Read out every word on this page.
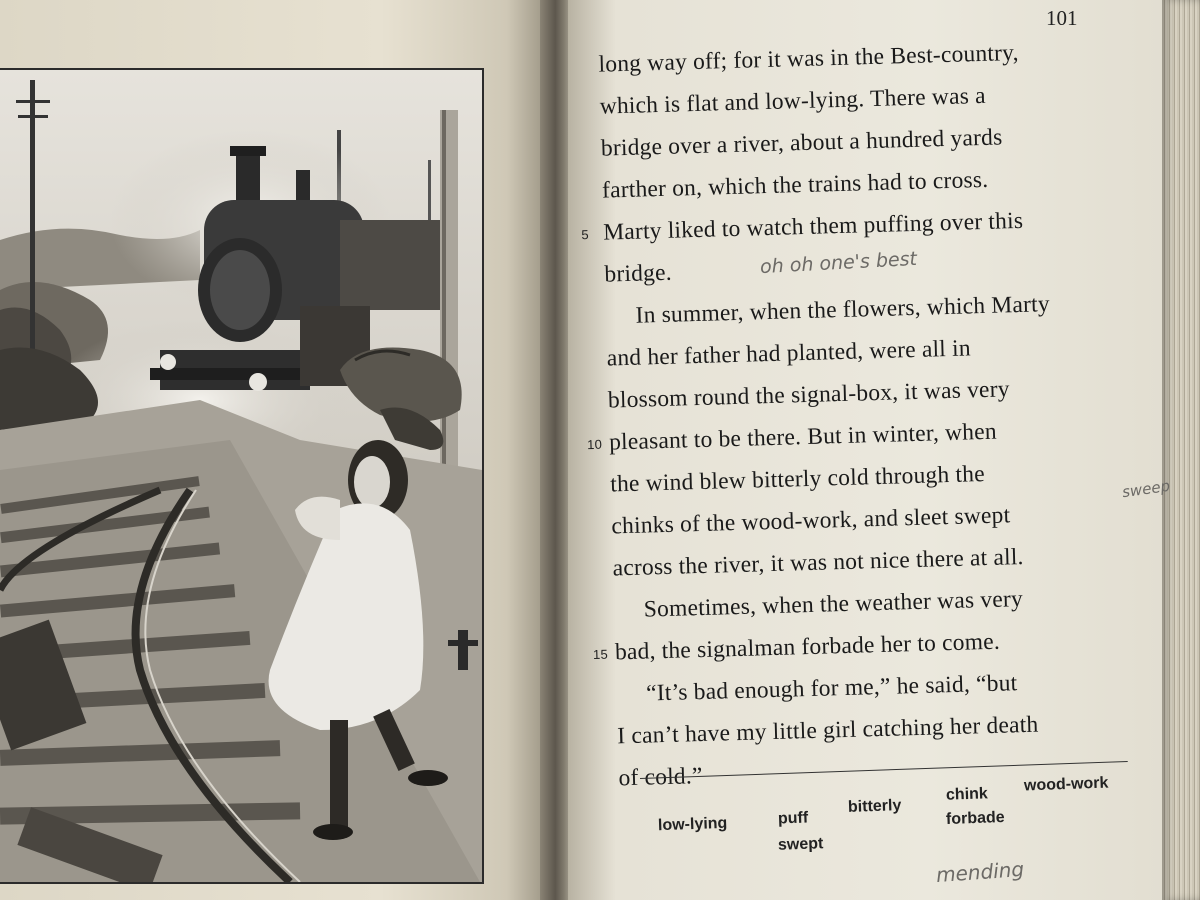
101
long way off; for it was in the Best-country,
which is flat and low-lying. There was a
bridge over a river, about a hundred yards
farther on, which the trains had to cross.
5 Marty liked to watch them puffing over this
bridge.
In summer, when the flowers, which Marty
and her father had planted, were all in
blossom round the signal-box, it was very
10 pleasant to be there. But in winter, when
the wind blew bitterly cold through the
chinks of the wood-work, and sleet swept
across the river, it was not nice there at all.
Sometimes, when the weather was very
15 bad, the signalman forbade her to come.
“It’s bad enough for me,” he said, “but
I can’t have my little girl catching her death
of cold.”
low-lying	puff
swept
bitterly
chink
forbade
wood-work
oh oh one's best
sweep
mending
